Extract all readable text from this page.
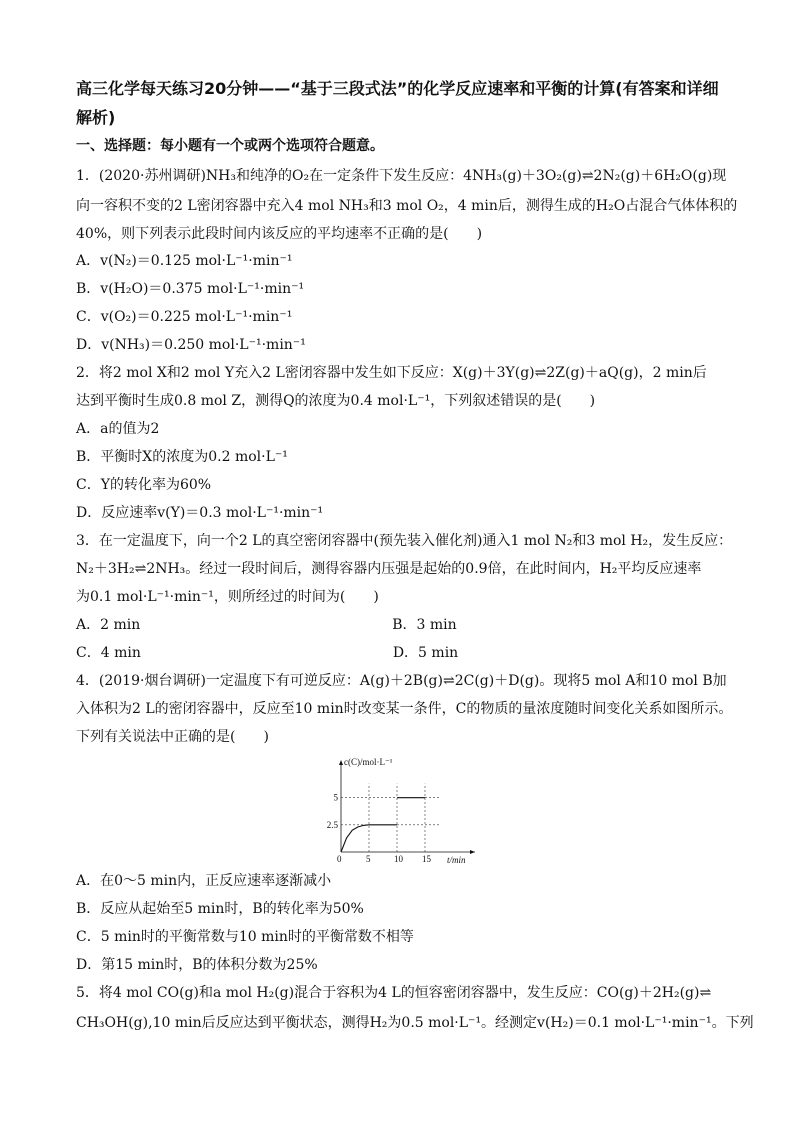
高三化学每天练习20分钟——“基于三段式法”的化学反应速率和平衡的计算(有答案和详细解析)
一、选择题：每小题有一个或两个选项符合题意。
1．(2020·苏州调研)NH₃和纯净的O₂在一定条件下发生反应：4NH₃(g)＋3O₂(g)⇌2N₂(g)＋6H₂O(g)现
向一容积不变的2 L密闭容器中充入4 mol NH₃和3 mol O₂，4 min后，测得生成的H₂O占混合气体体积的
40%，则下列表示此段时间内该反应的平均速率不正确的是(　　)
A．v(N₂)＝0.125 mol·L⁻¹·min⁻¹
B．v(H₂O)＝0.375 mol·L⁻¹·min⁻¹
C．v(O₂)＝0.225 mol·L⁻¹·min⁻¹
D．v(NH₃)＝0.250 mol·L⁻¹·min⁻¹
2．将2 mol X和2 mol Y充入2 L密闭容器中发生如下反应：X(g)＋3Y(g)⇌2Z(g)＋aQ(g)，2 min后
达到平衡时生成0.8 mol Z，测得Q的浓度为0.4 mol·L⁻¹，下列叙述错误的是(　　)
A．a的值为2
B．平衡时X的浓度为0.2 mol·L⁻¹
C．Y的转化率为60%
D．反应速率v(Y)＝0.3 mol·L⁻¹·min⁻¹
3．在一定温度下，向一个2 L的真空密闭容器中(预先装入催化剂)通入1 mol N₂和3 mol H₂，发生反应：
N₂＋3H₂⇌2NH₃。经过一段时间后，测得容器内压强是起始的0.9倍，在此时间内，H₂平均反应速率
为0.1 mol·L⁻¹·min⁻¹，则所经过的时间为(　　)
A．2 min　　　　　　　　　　　　　　　　　　B．3 min
C．4 min　　　　　　　　　　　　　　　　　　D．5 min
4．(2019·烟台调研)一定温度下有可逆反应：A(g)＋2B(g)⇌2C(g)＋D(g)。现将5 mol A和10 mol B加
入体积为2 L的密闭容器中，反应至10 min时改变某一条件，C的物质的量浓度随时间变化关系如图所示。
下列有关说法中正确的是(　　)
5	10 15
2.5
5
c(C)/mol·L⁻¹
t/min
0
A．在0～5 min内，正反应速率逐渐减小
B．反应从起始至5 min时，B的转化率为50%
C．5 min时的平衡常数与10 min时的平衡常数不相等
D．第15 min时，B的体积分数为25%
5．将4 mol CO(g)和a mol H₂(g)混合于容积为4 L的恒容密闭容器中，发生反应：CO(g)＋2H₂(g)⇌
CH₃OH(g),10 min后反应达到平衡状态，测得H₂为0.5 mol·L⁻¹。经测定v(H₂)＝0.1 mol·L⁻¹·min⁻¹。下列
